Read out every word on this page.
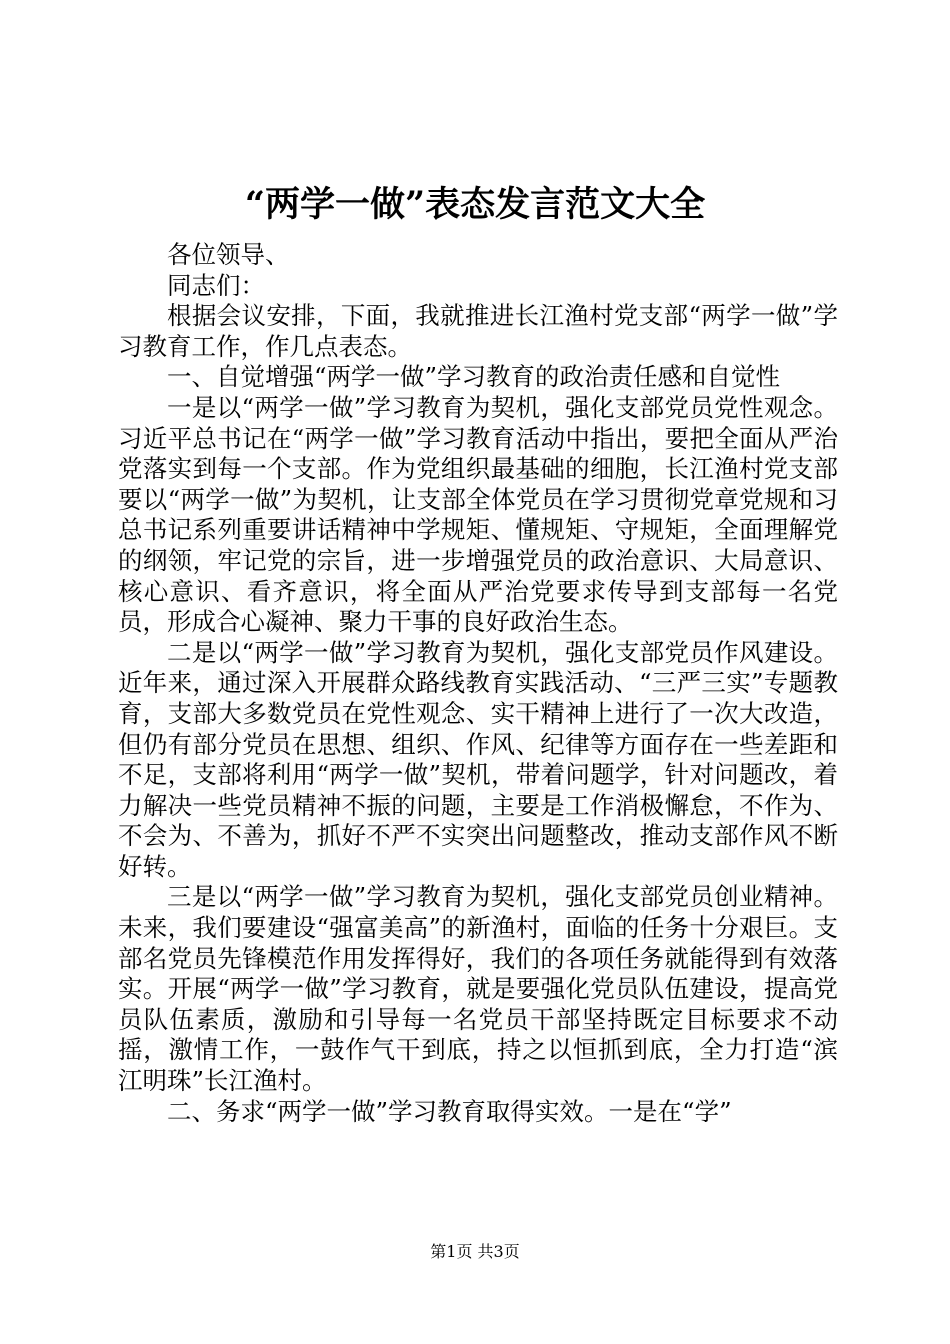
“两学一做”表态发言范文大全

各位领导、

同志们：

根据会议安排，下面，我就推进长江渔村党支部“两学一做”学习教育工作，作几点表态。

一、自觉增强“两学一做”学习教育的政治责任感和自觉性

一是以“两学一做”学习教育为契机，强化支部党员党性观念。习近平总书记在“两学一做”学习教育活动中指出，要把全面从严治党落实到每一个支部。作为党组织最基础的细胞，长江渔村党支部要以“两学一做”为契机，让支部全体党员在学习贯彻党章党规和习总书记系列重要讲话精神中学规矩、懂规矩、守规矩，全面理解党的纲领，牢记党的宗旨，进一步增强党员的政治意识、大局意识、核心意识、看齐意识，将全面从严治党要求传导到支部每一名党员，形成合心凝神、聚力干事的良好政治生态。

二是以“两学一做”学习教育为契机，强化支部党员作风建设。近年来，通过深入开展群众路线教育实践活动、“三严三实”专题教育，支部大多数党员在党性观念、实干精神上进行了一次大改造，但仍有部分党员在思想、组织、作风、纪律等方面存在一些差距和不足，支部将利用“两学一做”契机，带着问题学，针对问题改，着力解决一些党员精神不振的问题，主要是工作消极懈怠，不作为、不会为、不善为，抓好不严不实突出问题整改，推动支部作风不断好转。

三是以“两学一做”学习教育为契机，强化支部党员创业精神。未来，我们要建设“强富美高”的新渔村，面临的任务十分艰巨。支部名党员先锋模范作用发挥得好，我们的各项任务就能得到有效落实。开展“两学一做”学习教育，就是要强化党员队伍建设，提高党员队伍素质，激励和引导每一名党员干部坚持既定目标要求不动摇，激情工作，一鼓作气干到底，持之以恒抓到底，全力打造“滨江明珠”长江渔村。

二、务求“两学一做”学习教育取得实效。一是在“学”

第1页 共3页
